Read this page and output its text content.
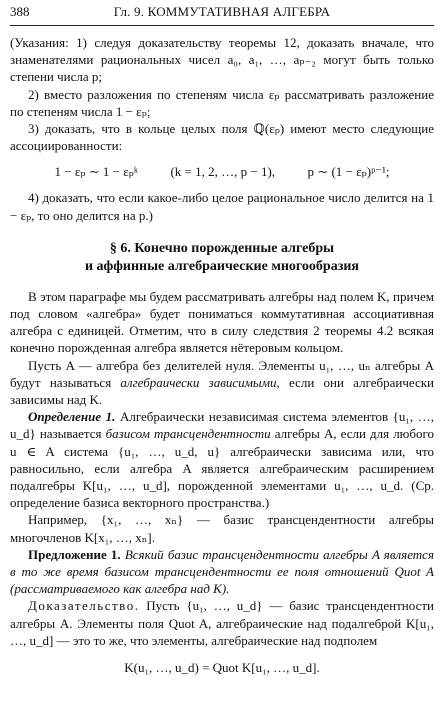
388	Гл. 9. КОММУТАТИВНАЯ АЛГЕБРА

(Указания: 1) следуя доказательству теоремы 12, доказать вначале, что знаменателями рациональных чисел a₀, a₁, …, aₚ₋₂ могут быть только степени числа p;

2) вместо разложения по степеням числа εₚ рассматривать разложение по степеням числа 1 − εₚ;

3) доказать, что в кольце целых поля ℚ(εₚ) имеют место следующие ассоциированности:

1 − εₚ ∼ 1 − εₚᵏ	(k = 1, 2, …, p − 1),	p ∼ (1 − εₚ)ᵖ⁻¹;

4) доказать, что если какое-либо целое рациональное число делится на 1 − εₚ, то оно делится на p.)

§ 6. Конечно порожденные алгебры
и аффинные алгебраические многообразия

В этом параграфе мы будем рассматривать алгебры над полем K, причем под словом «алгебра» будет пониматься коммутативная ассоциативная алгебра с единицей. Отметим, что в силу следствия 2 теоремы 4.2 всякая конечно порожденная алгебра является нётеровым кольцом.

Пусть A — алгебра без делителей нуля. Элементы u₁, …, uₙ алгебры A будут называться алгебраически зависимыми, если они алгебраически зависимы над K.

Определение 1. Алгебраически независимая система элементов {u₁, …, u_d} называется базисом трансцендентности алгебры A, если для любого u ∈ A система {u₁, …, u_d, u} алгебраически зависима или, что равносильно, если алгебра A является алгебраическим расширением подалгебры K[u₁, …, u_d], порожденной элементами u₁, …, u_d. (Ср. определение базиса векторного пространства.)

Например, {x₁, …, xₙ} — базис трансцендентности алгебры многочленов K[x₁, …, xₙ].

Предложение 1. Всякий базис трансцендентности алгебры A является в то же время базисом трансцендентности ее поля отношений Quot A (рассматриваемого как алгебра над K).

Доказательство. Пусть {u₁, …, u_d} — базис трансцендентности алгебры A. Элементы поля Quot A, алгебраические над подалгеброй K[u₁, …, u_d] — это то же, что элементы, алгебраические над подполем

K(u₁, …, u_d) = Quot K[u₁, …, u_d].
